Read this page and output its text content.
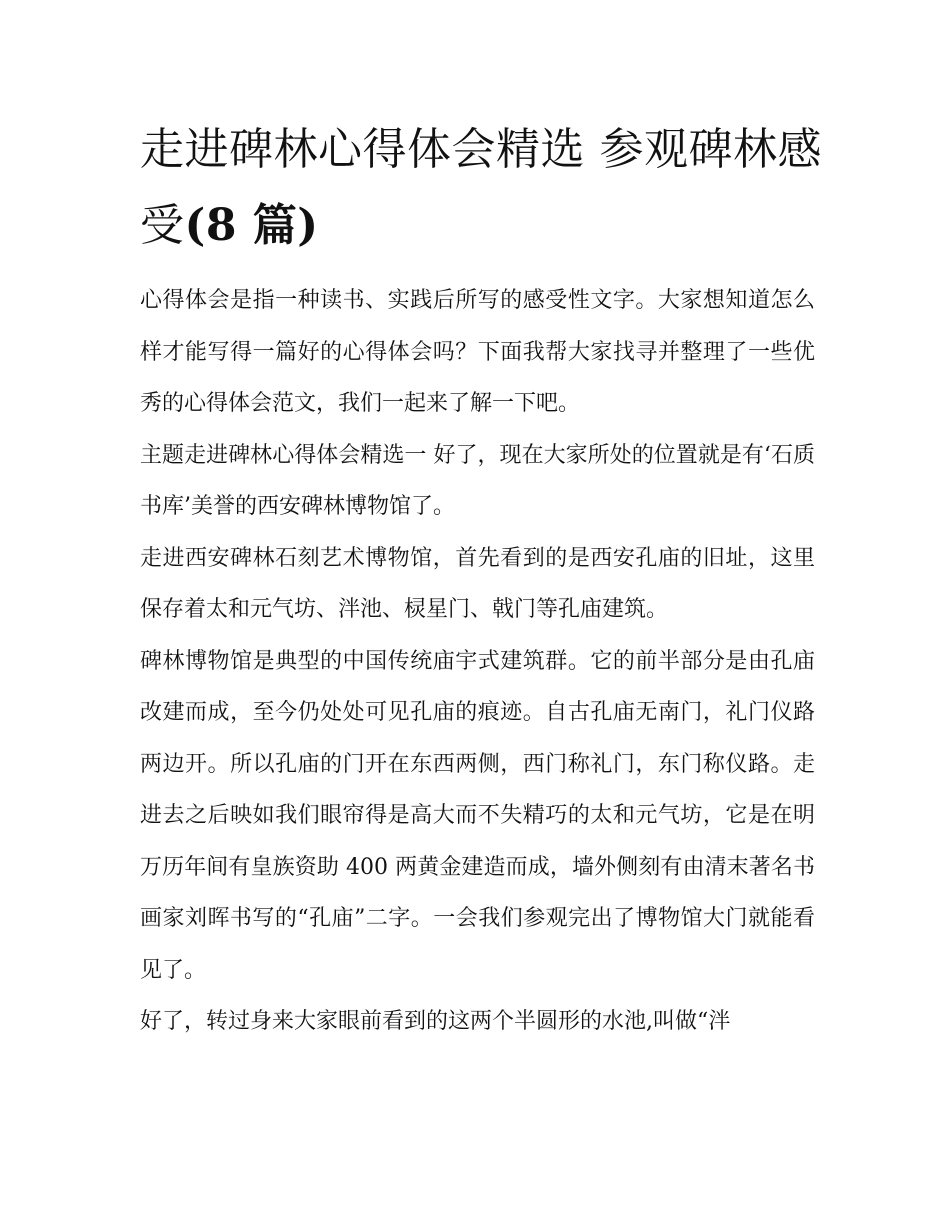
走进碑林心得体会精选 参观碑林感受(8 篇)

心得体会是指一种读书、实践后所写的感受性文字。大家想知道怎么样才能写得一篇好的心得体会吗？下面我帮大家找寻并整理了一些优秀的心得体会范文，我们一起来了解一下吧。

主题走进碑林心得体会精选一 好了，现在大家所处的位置就是有‘石质书库’美誉的西安碑林博物馆了。

走进西安碑林石刻艺术博物馆，首先看到的是西安孔庙的旧址，这里保存着太和元气坊、泮池、棂星门、戟门等孔庙建筑。

碑林博物馆是典型的中国传统庙宇式建筑群。它的前半部分是由孔庙改建而成，至今仍处处可见孔庙的痕迹。自古孔庙无南门，礼门仪路两边开。所以孔庙的门开在东西两侧，西门称礼门，东门称仪路。走进去之后映如我们眼帘得是高大而不失精巧的太和元气坊，它是在明万历年间有皇族资助 400 两黄金建造而成，墙外侧刻有由清末著名书画家刘晖书写的“孔庙”二字。一会我们参观完出了博物馆大门就能看见了。

好了，转过身来大家眼前看到的这两个半圆形的水池,叫做“泮
